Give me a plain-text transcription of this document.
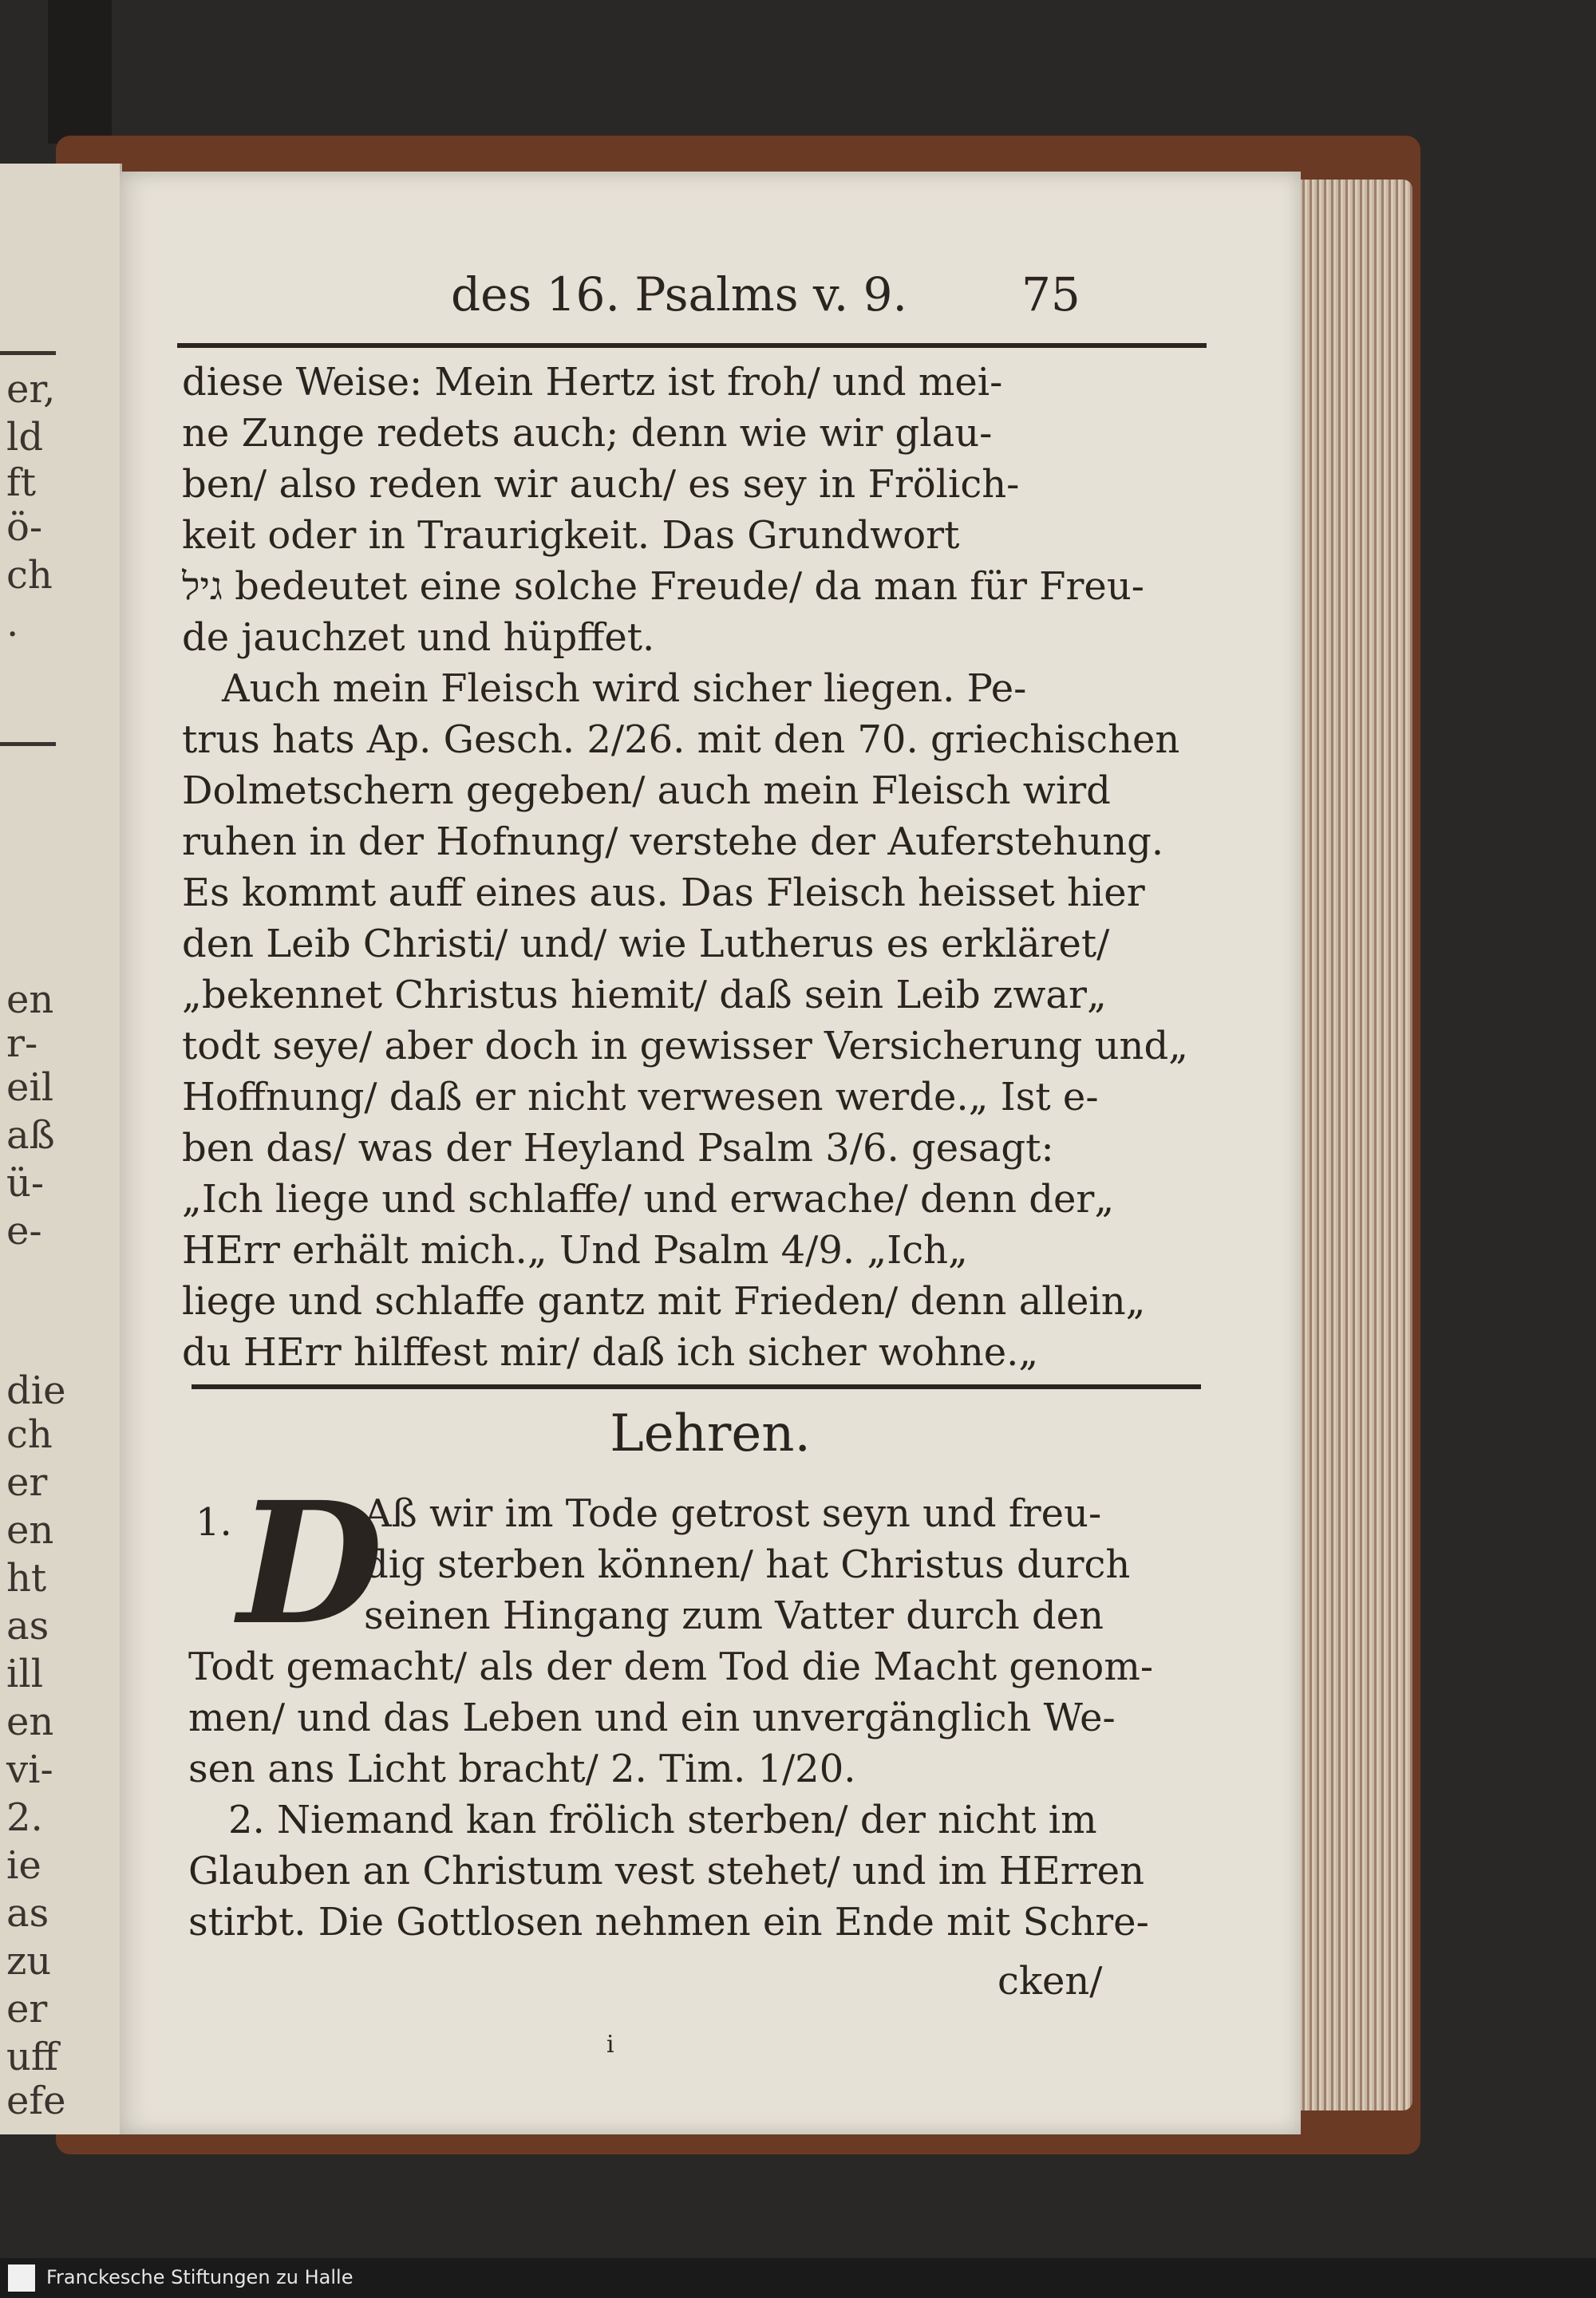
er,
ld
ft
ö-
ch
.
en
r-
eil
aß
ü-
e-
die
ch
er
en
ht
as
ill
en
vi-
2.
ie
as
zu
er
uff
efe
des 16. Psalms v. 9. 75
diese Weise: Mein Hertz ist froh/ und mei-
ne Zunge redets auch; denn wie wir glau-
ben/ also reden wir auch/ es sey in Frölich-
keit oder in Traurigkeit. Das Grundwort
גיל bedeutet eine solche Freude/ da man für Freu-
de jauchzet und hüpffet.
Auch mein Fleisch wird sicher liegen. Pe-
trus hats Ap. Gesch. 2/26. mit den 70. griechischen
Dolmetschern gegeben/ auch mein Fleisch wird
ruhen in der Hofnung/ verstehe der Auferstehung.
Es kommt auff eines aus. Das Fleisch heisset hier
den Leib Christi/ und/ wie Lutherus es erkläret/
„bekennet Christus hiemit/ daß sein Leib zwar„
todt seye/ aber doch in gewisser Versicherung und„
Hoffnung/ daß er nicht verwesen werde.„ Ist e-
ben das/ was der Heyland Psalm 3/6. gesagt:
„Ich liege und schlaffe/ und erwache/ denn der„
HErr erhält mich.„ Und Psalm 4/9. „Ich„
liege und schlaffe gantz mit Frieden/ denn allein„
du HErr hilffest mir/ daß ich sicher wohne.„
Lehren.
1. D
Aß wir im Tode getrost seyn und freu-
dig sterben können/ hat Christus durch
seinen Hingang zum Vatter durch den
Todt gemacht/ als der dem Tod die Macht genom-
men/ und das Leben und ein unvergänglich We-
sen ans Licht bracht/ 2. Tim. 1/20.
2. Niemand kan frölich sterben/ der nicht im
Glauben an Christum vest stehet/ und im HErren
stirbt. Die Gottlosen nehmen ein Ende mit Schre-
cken/
i
Franckesche Stiftungen zu Halle
